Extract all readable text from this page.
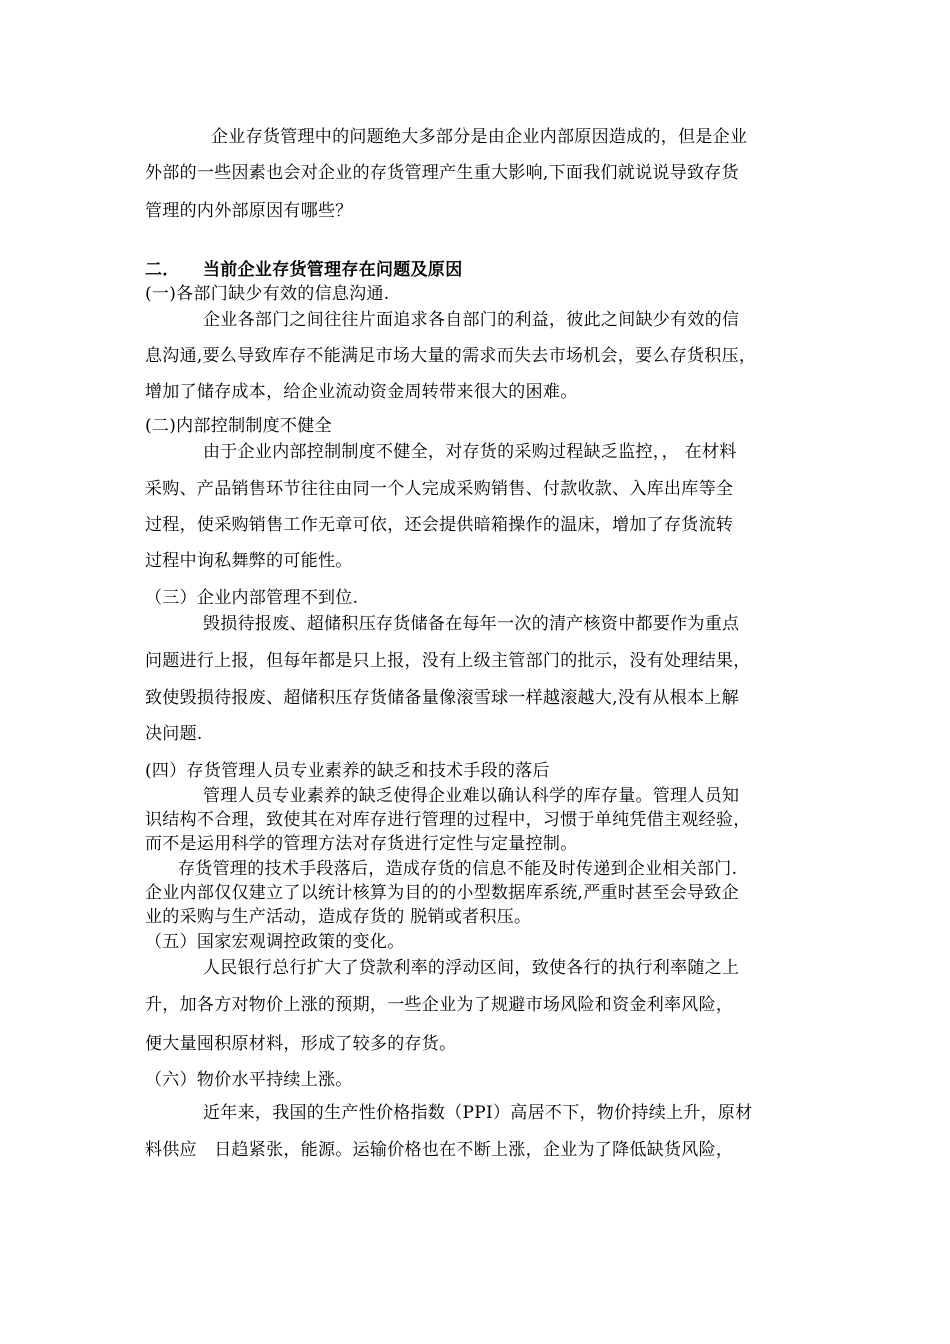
企业存货管理中的问题绝大多部分是由企业内部原因造成的，但是企业
外部的一些因素也会对企业的存货管理产生重大影响,下面我们就说说导致存货
管理的内外部原因有哪些？
二． 当前企业存货管理存在问题及原因
(一)各部门缺少有效的信息沟通.
企业各部门之间往往片面追求各自部门的利益，彼此之间缺少有效的信
息沟通,要么导致库存不能满足市场大量的需求而失去市场机会，要么存货积压，
增加了储存成本，给企业流动资金周转带来很大的困难。
(二)内部控制制度不健全
由于企业内部控制制度不健全，对存货的采购过程缺乏监控，， 在材料
采购、产品销售环节往往由同一个人完成采购销售、付款收款、入库出库等全
过程，使采购销售工作无章可依，还会提供暗箱操作的温床，增加了存货流转
过程中询私舞弊的可能性。
（三）企业内部管理不到位.
毁损待报废、超储积压存货储备在每年一次的清产核资中都要作为重点
问题进行上报，但每年都是只上报，没有上级主管部门的批示，没有处理结果，
致使毁损待报废、超储积压存货储备量像滚雪球一样越滚越大,没有从根本上解
决问题.
(四）存货管理人员专业素养的缺乏和技术手段的落后
管理人员专业素养的缺乏使得企业难以确认科学的库存量。管理人员知
识结构不合理，致使其在对库存进行管理的过程中，习惯于单纯凭借主观经验，
而不是运用科学的管理方法对存货进行定性与定量控制。
存货管理的技术手段落后，造成存货的信息不能及时传递到企业相关部门.
企业内部仅仅建立了以统计核算为目的的小型数据库系统,严重时甚至会导致企
业的采购与生产活动，造成存货的 脱销或者积压。
（五）国家宏观调控政策的变化。
人民银行总行扩大了贷款利率的浮动区间，致使各行的执行利率随之上
升，加各方对物价上涨的预期，一些企业为了规避市场风险和资金利率风险，
便大量囤积原材料，形成了较多的存货。
（六）物价水平持续上涨。
近年来，我国的生产性价格指数（PPI）高居不下，物价持续上升，原材
料供应　日趋紧张，能源。运输价格也在不断上涨，企业为了降低缺货风险，
